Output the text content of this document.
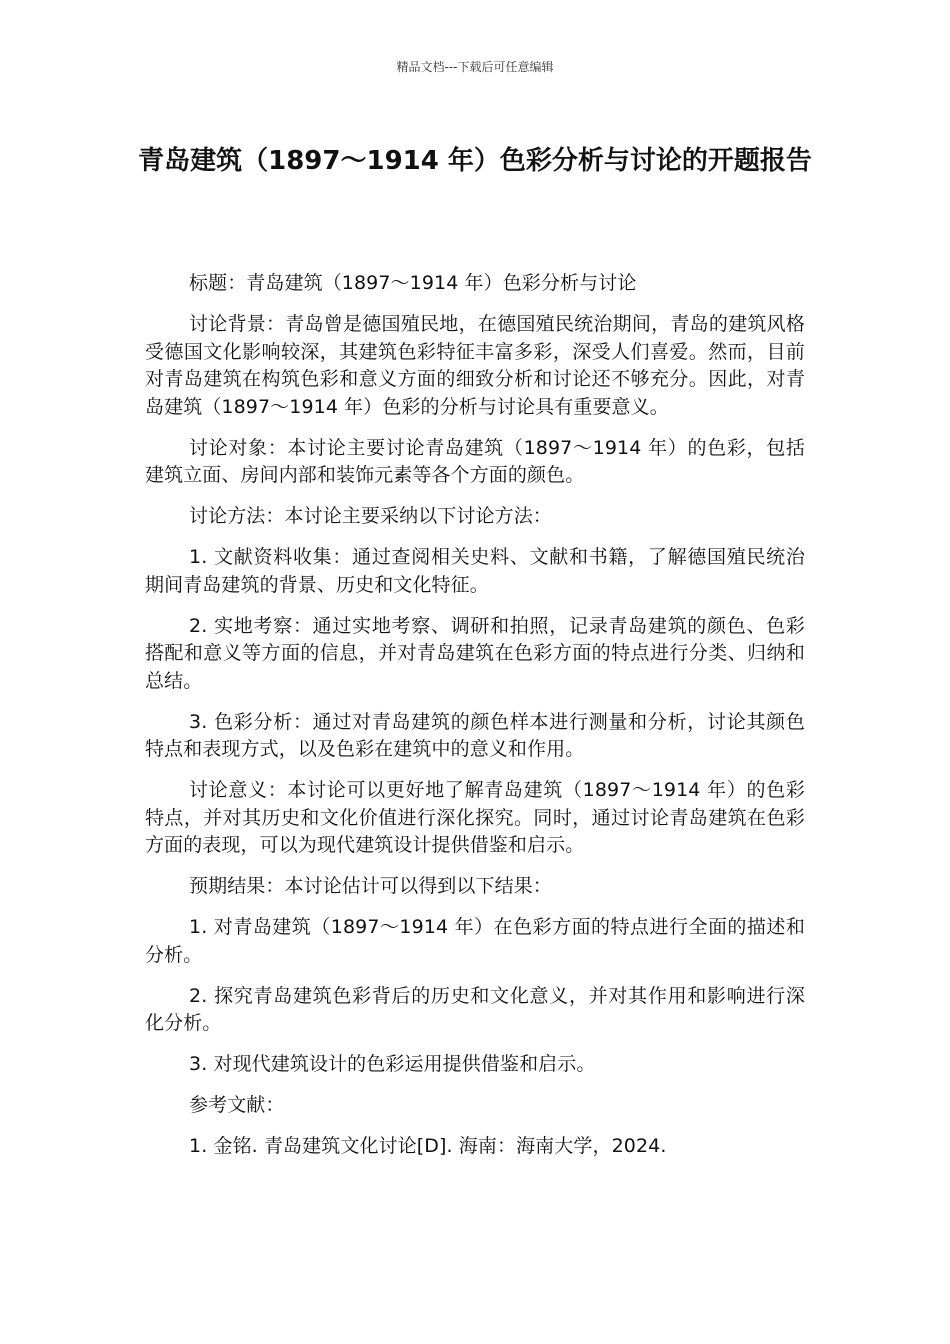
精品文档---下载后可任意编辑
青岛建筑（1897～1914 年）色彩分析与讨论的开题报告

标题：青岛建筑（1897～1914 年）色彩分析与讨论

讨论背景：青岛曾是德国殖民地，在德国殖民统治期间，青岛的建筑风格受德国文化影响较深，其建筑色彩特征丰富多彩，深受人们喜爱。然而，目前对青岛建筑在构筑色彩和意义方面的细致分析和讨论还不够充分。因此，对青岛建筑（1897～1914 年）色彩的分析与讨论具有重要意义。

讨论对象：本讨论主要讨论青岛建筑（1897～1914 年）的色彩，包括建筑立面、房间内部和装饰元素等各个方面的颜色。

讨论方法：本讨论主要采纳以下讨论方法：

1. 文献资料收集：通过查阅相关史料、文献和书籍，了解德国殖民统治期间青岛建筑的背景、历史和文化特征。

2. 实地考察：通过实地考察、调研和拍照，记录青岛建筑的颜色、色彩搭配和意义等方面的信息，并对青岛建筑在色彩方面的特点进行分类、归纳和总结。

3. 色彩分析：通过对青岛建筑的颜色样本进行测量和分析，讨论其颜色特点和表现方式，以及色彩在建筑中的意义和作用。

讨论意义：本讨论可以更好地了解青岛建筑（1897～1914 年）的色彩特点，并对其历史和文化价值进行深化探究。同时，通过讨论青岛建筑在色彩方面的表现，可以为现代建筑设计提供借鉴和启示。

预期结果：本讨论估计可以得到以下结果：

1. 对青岛建筑（1897～1914 年）在色彩方面的特点进行全面的描述和分析。

2. 探究青岛建筑色彩背后的历史和文化意义，并对其作用和影响进行深化分析。

3. 对现代建筑设计的色彩运用提供借鉴和启示。

参考文献：

1. 金铭. 青岛建筑文化讨论[D]. 海南：海南大学，2024.
